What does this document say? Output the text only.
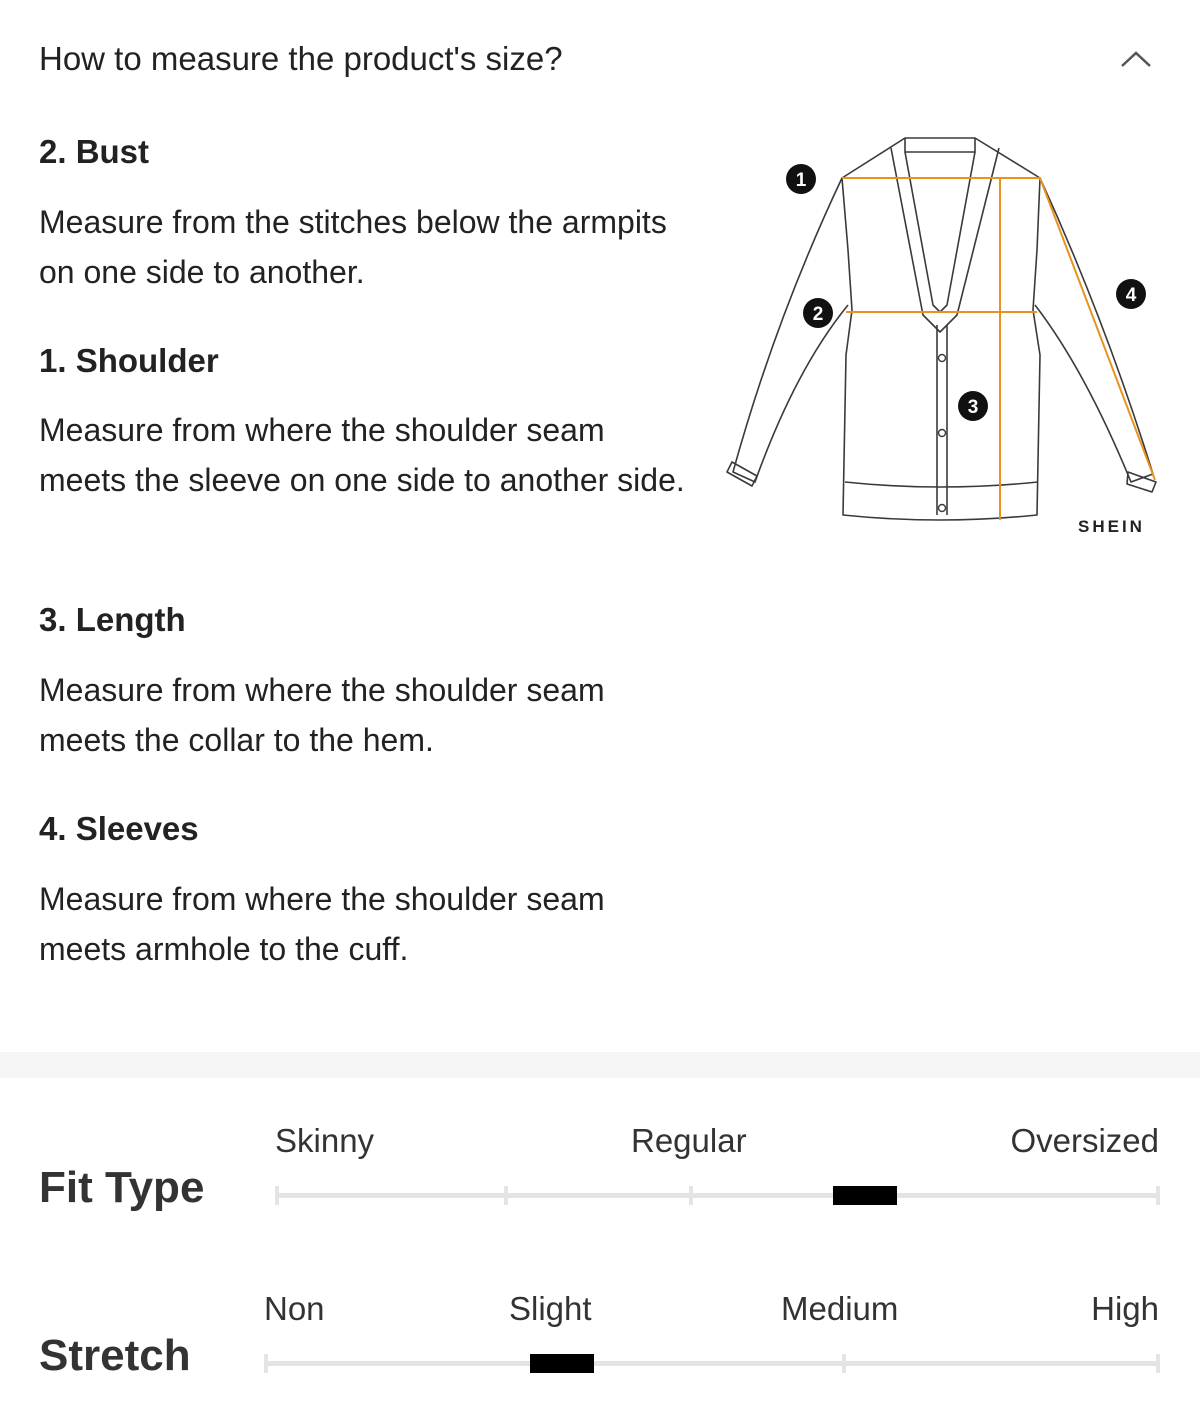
How to measure the product's size?
2. Bust
Measure from the stitches below the armpits on one side to another.
1. Shoulder
Measure from where the shoulder seam meets the sleeve on one side to another side.
3. Length
Measure from where the shoulder seam meets the collar to the hem.
4. Sleeves
Measure from where the shoulder seam meets armhole to the cuff.
1
2
3
4
SHEIN
Fit Type
Skinny	Regular	Oversized
Stretch
Non	Slight	Medium	High
